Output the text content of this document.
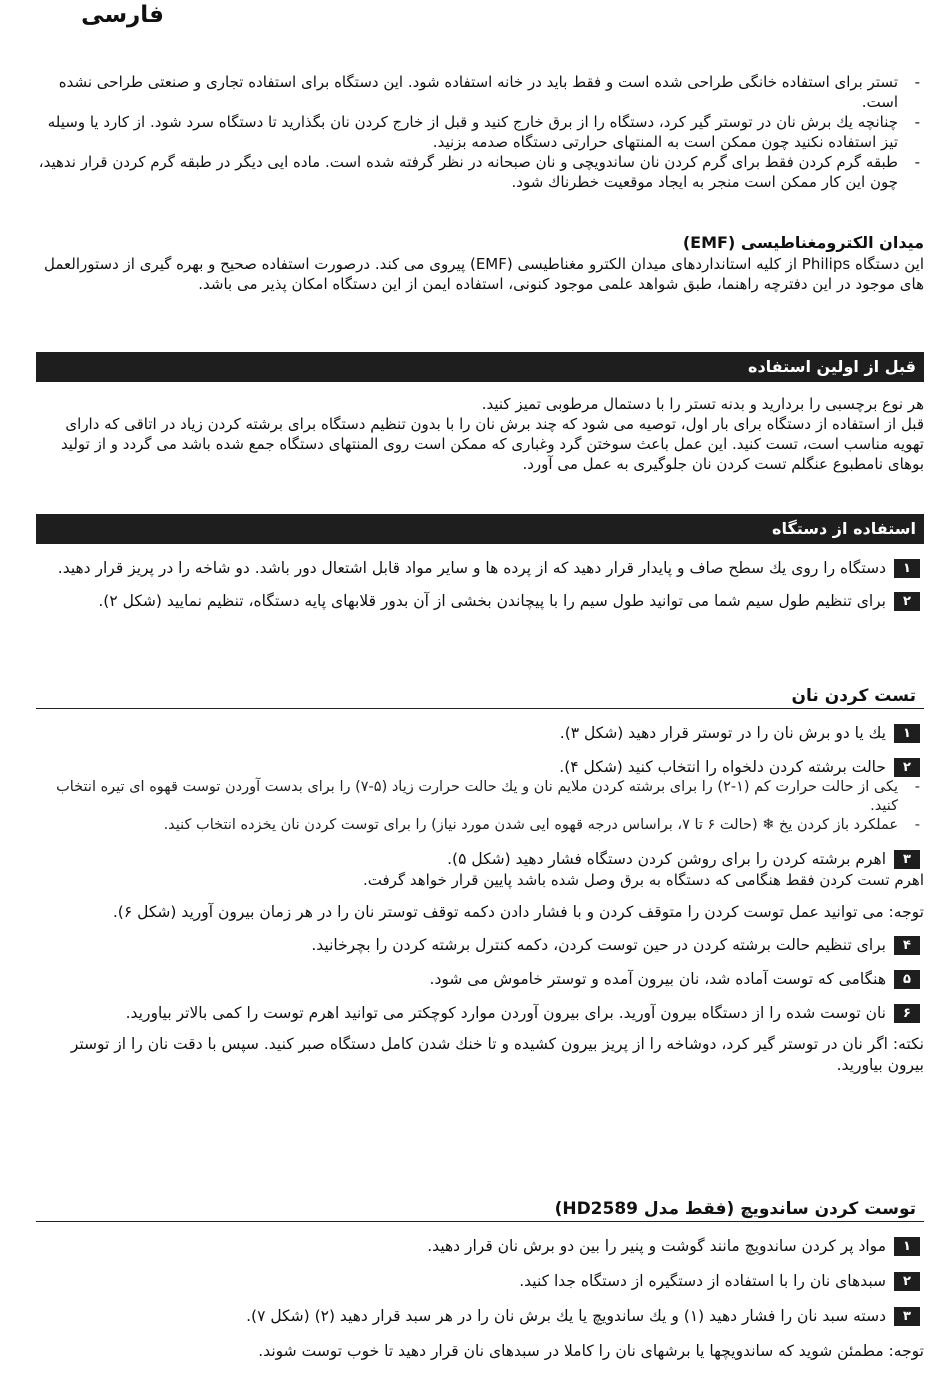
فارسی

- تستر برای استفاده خانگی طراحی شده است و فقط باید در خانه استفاده شود. این دستگاه برای استفاده تجاری و صنعتی طراحی نشده است.

- چنانچه یك برش نان در توستر گیر كرد، دستگاه را از برق خارج كنید و قبل از خارج كردن نان بگذارید تا دستگاه سرد شود. از كارد یا وسیله تیز استفاده نكنید چون ممكن است به المنتهای حرارتی دستگاه صدمه بزنید.

- طبقه گرم كردن فقط برای گرم كردن نان ساندویچی و نان صبحانه در نظر گرفته شده است. ماده ایی دیگر در طبقه گرم كردن قرار ندهید، چون این كار ممكن است منجر به ایجاد موقعیت خطرناك شود.

میدان الكترومغناطیسی (EMF)

این دستگاه Philips از كلیه استانداردهای میدان الكترو مغناطیسی (EMF) پیروی می كند. درصورت استفاده صحیح و بهره گیری از دستورالعمل های موجود در این دفترچه راهنما، طبق شواهد علمی موجود كنونی، استفاده ایمن از این دستگاه امكان پذیر می باشد.

قبل از اولین استفاده

هر نوع برچسبی را بردارید و بدنه تستر را با دستمال مرطوبی تمیز كنید.

قبل از استفاده از دستگاه برای بار اول، توصیه می شود كه چند برش نان را با بدون تنظیم دستگاه برای برشته كردن زیاد در اتاقی كه دارای تهویه مناسب است، تست كنید. این عمل باعث سوختن گرد وغباری كه ممكن است روی المنتهای دستگاه جمع شده باشد می گردد و از تولید بوهای نامطبوع عنگلم تست كردن نان جلوگیری به عمل می آورد.

استفاده از دستگاه

۱
دستگاه را روی یك سطح صاف و پایدار قرار دهید كه از پرده ها و سایر مواد قابل اشتعال دور باشد. دو شاخه را در پریز قرار دهید.
۲
برای تنظیم طول سیم شما می توانید طول سیم را با پیچاندن بخشی از آن بدور قلابهای پایه دستگاه، تنظیم نمایید (شكل ۲).

تست كردن نان

۱
یك یا دو برش نان را در توستر قرار دهید (شكل ۳).
۲
حالت برشته كردن دلخواه را انتخاب كنید (شكل ۴).

- یكی از حالت حرارت كم (۱-۲) را برای برشته كردن ملایم نان و یك حالت حرارت زیاد (۵-۷) را برای بدست آوردن توست قهوه ای تیره انتخاب كنید.

- عملكرد باز كردن یخ ❄ (حالت ۶ تا ۷، براساس درجه قهوه ایی شدن مورد نیاز) را برای توست كردن نان یخزده انتخاب كنید.

۳
اهرم برشته كردن را برای روشن كردن دستگاه فشار دهید (شكل ۵).

اهرم تست كردن فقط هنگامی كه دستگاه به برق وصل شده باشد پایین قرار خواهد گرفت.

توجه: می توانید عمل توست كردن را متوقف كردن و با فشار دادن دكمه توقف توستر نان را در هر زمان بیرون آورید (شكل ۶).

۴
برای تنظیم حالت برشته كردن در حین توست كردن، دكمه كنترل برشته كردن را بچرخانید.
۵
هنگامی كه توست آماده شد، نان بیرون آمده و توستر خاموش می شود.
۶
نان توست شده را از دستگاه بیرون آورید. برای بیرون آوردن موارد كوچكتر می توانید اهرم توست را كمی بالاتر بیاورید.

نكته: اگر نان در توستر گیر كرد، دوشاخه را از پریز بیرون كشیده و تا خنك شدن كامل دستگاه صبر كنید. سپس با دقت نان را از توستر بیرون بیاورید.

توست كردن ساندویچ (فقط مدل HD2589)

۱
مواد پر كردن ساندویچ مانند گوشت و پنیر را بین دو برش نان قرار دهید.
۲
سبدهای نان را با استفاده از دستگیره از دستگاه جدا كنید.
۳
دسته سبد نان را فشار دهید (۱) و یك ساندویچ یا یك برش نان را در هر سبد قرار دهید (۲) (شكل ۷).

توجه: مطمئن شوید كه ساندویچها یا برشهای نان را كاملا در سبدهای نان قرار دهید تا خوب توست شوند.
